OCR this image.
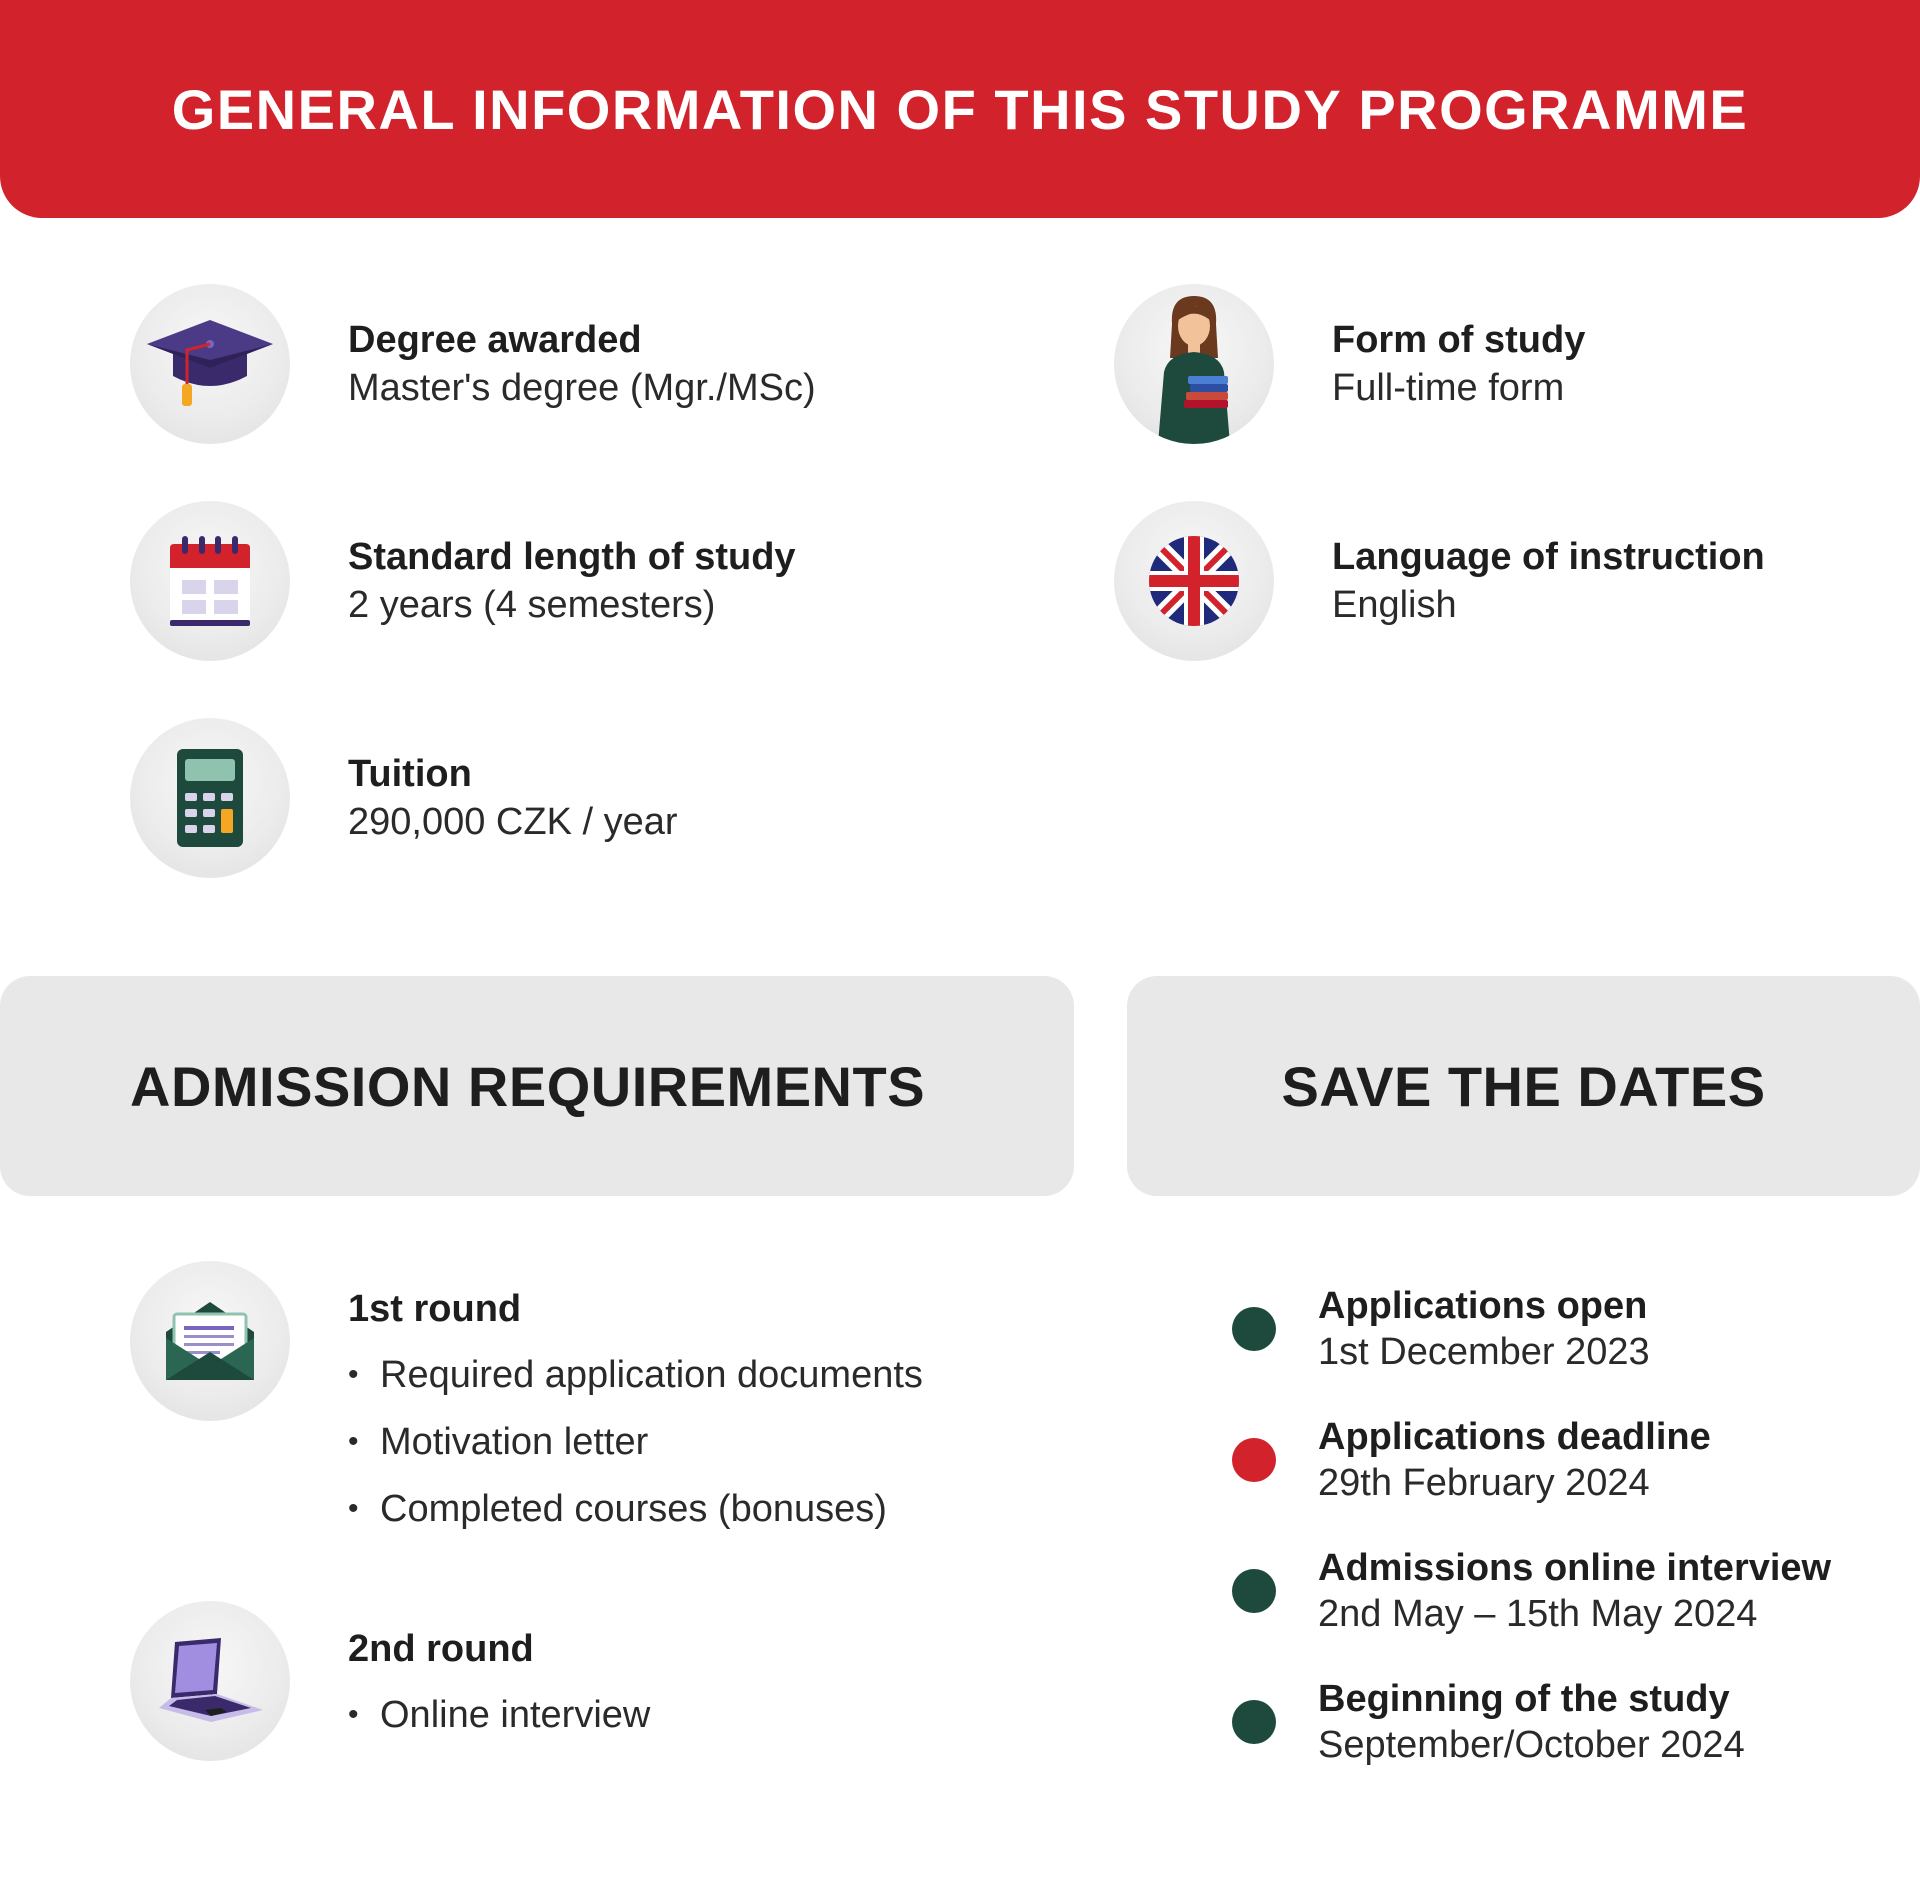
GENERAL INFORMATION OF THIS STUDY PROGRAMME
Degree awarded
Master's degree (Mgr./MSc)
Form of study
Full-time form
Standard length of study
2 years (4 semesters)
Language of instruction
English
Tuition
290,000 CZK / year
ADMISSION REQUIREMENTS	SAVE THE DATES
1st round
• Required application documents
• Motivation letter
• Completed courses (bonuses)
2nd round
• Online interview
Applications open
1st December 2023
Applications deadline
29th February 2024
Admissions online interview
2nd May – 15th May 2024
Beginning of the study
September/October 2024
